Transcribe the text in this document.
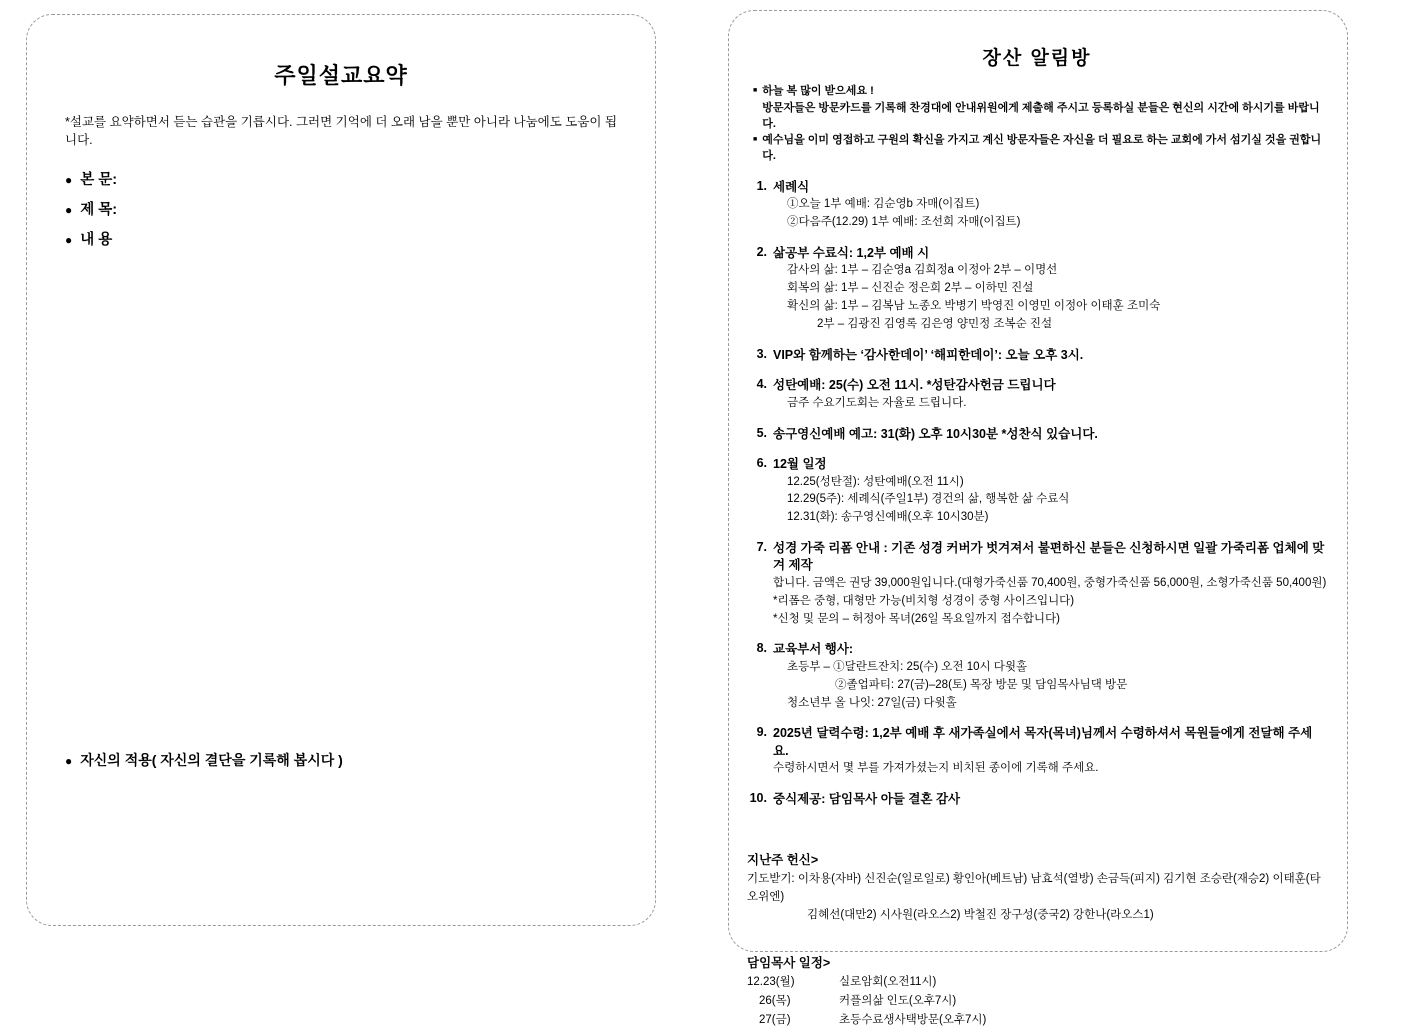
주일설교요약
*설교를 요약하면서 듣는 습관을 기릅시다. 그러면 기억에 더 오래 남을 뿐만 아니라 나눔에도 도움이 됩니다.
● 본 문:
● 제 목:
● 내 용
● 자신의 적용( 자신의 결단을 기록해 봅시다 )
장산 알림방
■ 하늘 복 많이 받으세요 !
방문자들은 방문카드를 기록해 찬경대에 안내위원에게 제출해 주시고 등록하실 분들은 현신의 시간에 하시기를 바랍니다.
■ 예수님을 이미 영접하고 구원의 확신을 가지고 계신 방문자들은 자신을 더 필요로 하는 교회에 가서 섬기실 것을 권합니다.
1. 세례식
①오늘 1부 예배: 김순영b 자매(이집트)
②다음주(12.29) 1부 예배: 조선희 자매(이집트)
2. 삶공부 수료식: 1,2부 예배 시
감사의 삶: 1부 – 김순영a 김희정a 이정아 2부 – 이명선
회복의 삶: 1부 – 신진순 정은희 2부 – 이하민 진설
확신의 삶: 1부 – 김복남 노종오 박병기 박영진 이영민 이정아 이태훈 조미숙
2부 – 김광진 김영록 김은영 양민정 조복순 진설
3. VIP와 함께하는 ‘감사한데이’ ‘해피한데이’: 오늘 오후 3시.
4. 성탄예배: 25(수) 오전 11시. *성탄감사헌금 드립니다
금주 수요기도회는 자율로 드립니다.
5. 송구영신예배 예고: 31(화) 오후 10시30분 *성찬식 있습니다.
6. 12월 일정
12.25(성탄절): 성탄예배(오전 11시)
12.29(5주): 세례식(주일1부) 경건의 삶, 행복한 삶 수료식
12.31(화): 송구영신예배(오후 10시30분)
7. 성경 가죽 리폼 안내 : 기존 성경 커버가 벗겨져서 불편하신 분들은 신청하시면 일괄 가죽리폼 업체에 맞겨 제작
합니다. 금액은 권당 39,000원입니다.(대형가죽신품 70,400원, 중형가죽신품 56,000원, 소형가죽신품 50,400원)
*리폼은 중형, 대형만 가능(비치형 성경이 중형 사이즈입니다)
*신청 및 문의 – 허정아 목녀(26일 목요일까지 접수합니다)
8. 교육부서 행사:
초등부 – ①달란트잔치: 25(수) 오전 10시 다윗홀
②졸업파티: 27(금)–28(토) 목장 방문 및 담임목사님댁 방문
청소년부 올 나잇: 27일(금) 다윗홀
9. 2025년 달력수령: 1,2부 예배 후 새가족실에서 목자(목녀)님께서 수령하셔서 목원들에게 전달해 주세요.
수령하시면서 몇 부를 가져가셨는지 비치된 종이에 기록해 주세요.
10. 중식제공: 담임목사 아들 결혼 감사
지난주 헌신>
기도받기: 이차용(자바) 신진순(일로일로) 황인아(베트남) 남효석(열방) 손금득(피지) 김기현 조승란(재승2) 이태훈(타오위엔)
김혜선(대만2) 시사원(라오스2) 박철진 장구성(중국2) 강한나(라오스1)
담임목사 일정>
12.23(월)	실로암회(오전11시)
26(목)	커플의삶 인도(오후7시)
27(금)	초등수료생사택방문(오후7시)
